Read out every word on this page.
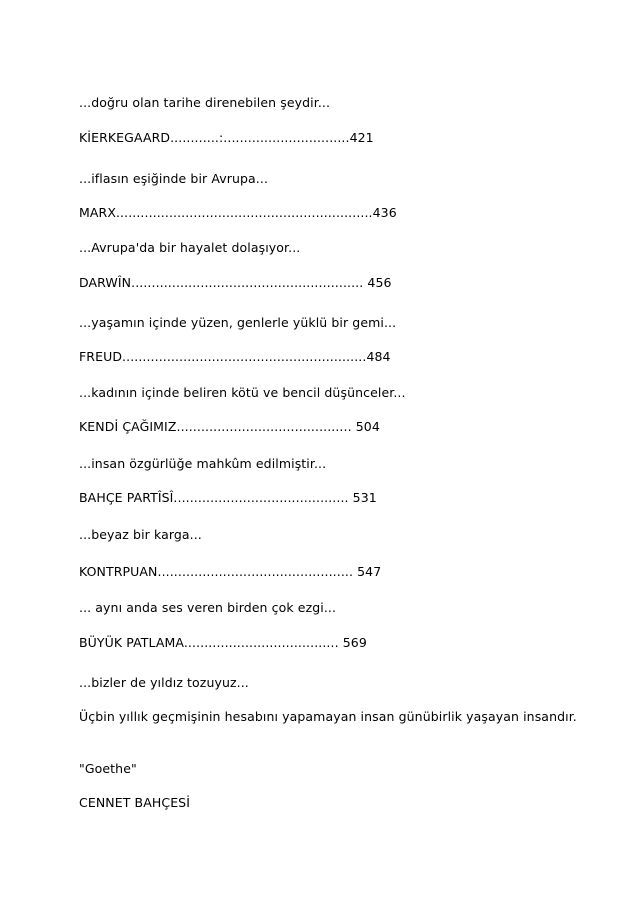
...doğru olan tarihe direnebilen şeydir...
KİERKEGAARD............:...............................421
...iflasın eşiğinde bir Avrupa...
MARX...............................................................436
...Avrupa'da bir hayalet dolaşıyor...
DARWÎN......................................................... 456
...yaşamın içinde yüzen, genlerle yüklü bir gemi...
FREUD............................................................484
...kadının içinde beliren kötü ve bencil düşünceler...
KENDİ ÇAĞIMIZ........................................... 504
...insan özgürlüğe mahkûm edilmiştir...
BAHÇE PARTÎSÎ........................................... 531
...beyaz bir karga...
KONTRPUAN................................................ 547
... aynı anda ses veren birden çok ezgi...
BÜYÜK PATLAMA...................................... 569
...bizler de yıldız tozuyuz...
Üçbin yıllık geçmişinin hesabını yapamayan insan günübirlik yaşayan insandır.
"Goethe"
CENNET BAHÇESİ
